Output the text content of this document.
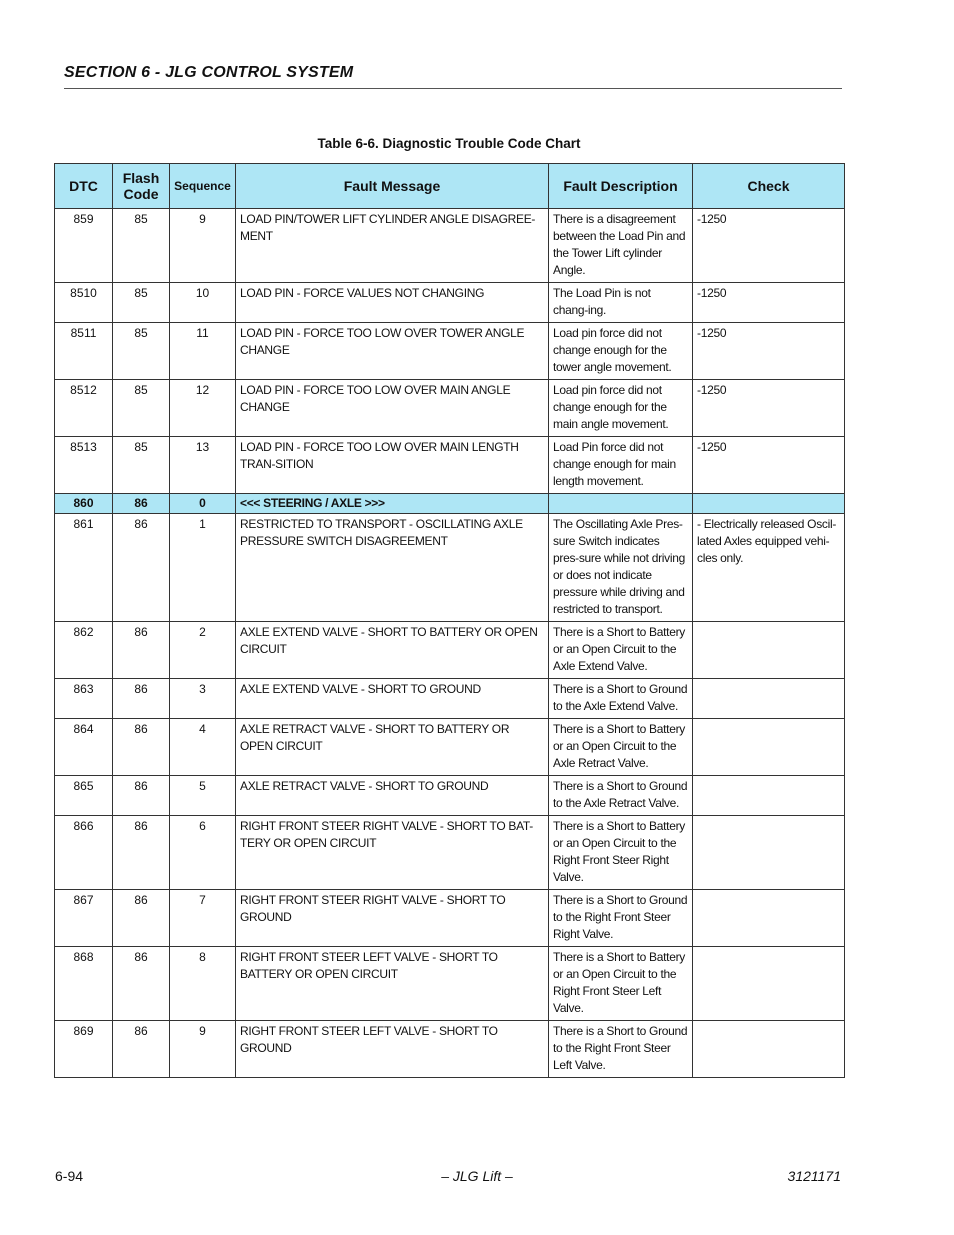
SECTION 6 - JLG CONTROL SYSTEM
Table 6-6. Diagnostic Trouble Code Chart
DTC	Flash Code	Sequence	Fault Message	Fault Description	Check
859	85	9	LOAD PIN/TOWER LIFT CYLINDER ANGLE DISAGREE-MENT	There is a disagreement between the Load Pin and the Tower Lift cylinder Angle.	-1250
8510	85	10	LOAD PIN - FORCE VALUES NOT CHANGING	The Load Pin is not chang-ing.	-1250
8511	85	11	LOAD PIN - FORCE TOO LOW OVER TOWER ANGLE CHANGE	Load pin force did not change enough for the tower angle movement.	-1250
8512	85	12	LOAD PIN - FORCE TOO LOW OVER MAIN ANGLE CHANGE	Load pin force did not change enough for the main angle movement.	-1250
8513	85	13	LOAD PIN - FORCE TOO LOW OVER MAIN LENGTH TRAN-SITION	Load Pin force did not change enough for main length movement.	-1250
860	86	0	<<< STEERING / AXLE >>>		
861	86	1	RESTRICTED TO TRANSPORT - OSCILLATING AXLE PRESSURE SWITCH DISAGREEMENT	The Oscillating Axle Pres-sure Switch indicates pres-sure while not driving or does not indicate pressure while driving and restricted to transport.	- Electrically released Oscil-lated Axles equipped vehi-cles only.
862	86	2	AXLE EXTEND VALVE - SHORT TO BATTERY OR OPEN CIRCUIT	There is a Short to Battery or an Open Circuit to the Axle Extend Valve.	
863	86	3	AXLE EXTEND VALVE - SHORT TO GROUND	There is a Short to Ground to the Axle Extend Valve.	
864	86	4	AXLE RETRACT VALVE - SHORT TO BATTERY OR OPEN CIRCUIT	There is a Short to Battery or an Open Circuit to the Axle Retract Valve.	
865	86	5	AXLE RETRACT VALVE - SHORT TO GROUND	There is a Short to Ground to the Axle Retract Valve.	
866	86	6	RIGHT FRONT STEER RIGHT VALVE - SHORT TO BAT-TERY OR OPEN CIRCUIT	There is a Short to Battery or an Open Circuit to the Right Front Steer Right Valve.	
867	86	7	RIGHT FRONT STEER RIGHT VALVE - SHORT TO GROUND	There is a Short to Ground to the Right Front Steer Right Valve.	
868	86	8	RIGHT FRONT STEER LEFT VALVE - SHORT TO BATTERY OR OPEN CIRCUIT	There is a Short to Battery or an Open Circuit to the Right Front Steer Left Valve.	
869	86	9	RIGHT FRONT STEER LEFT VALVE - SHORT TO GROUND	There is a Short to Ground to the Right Front Steer Left Valve.	
6-94	– JLG Lift –	3121171
